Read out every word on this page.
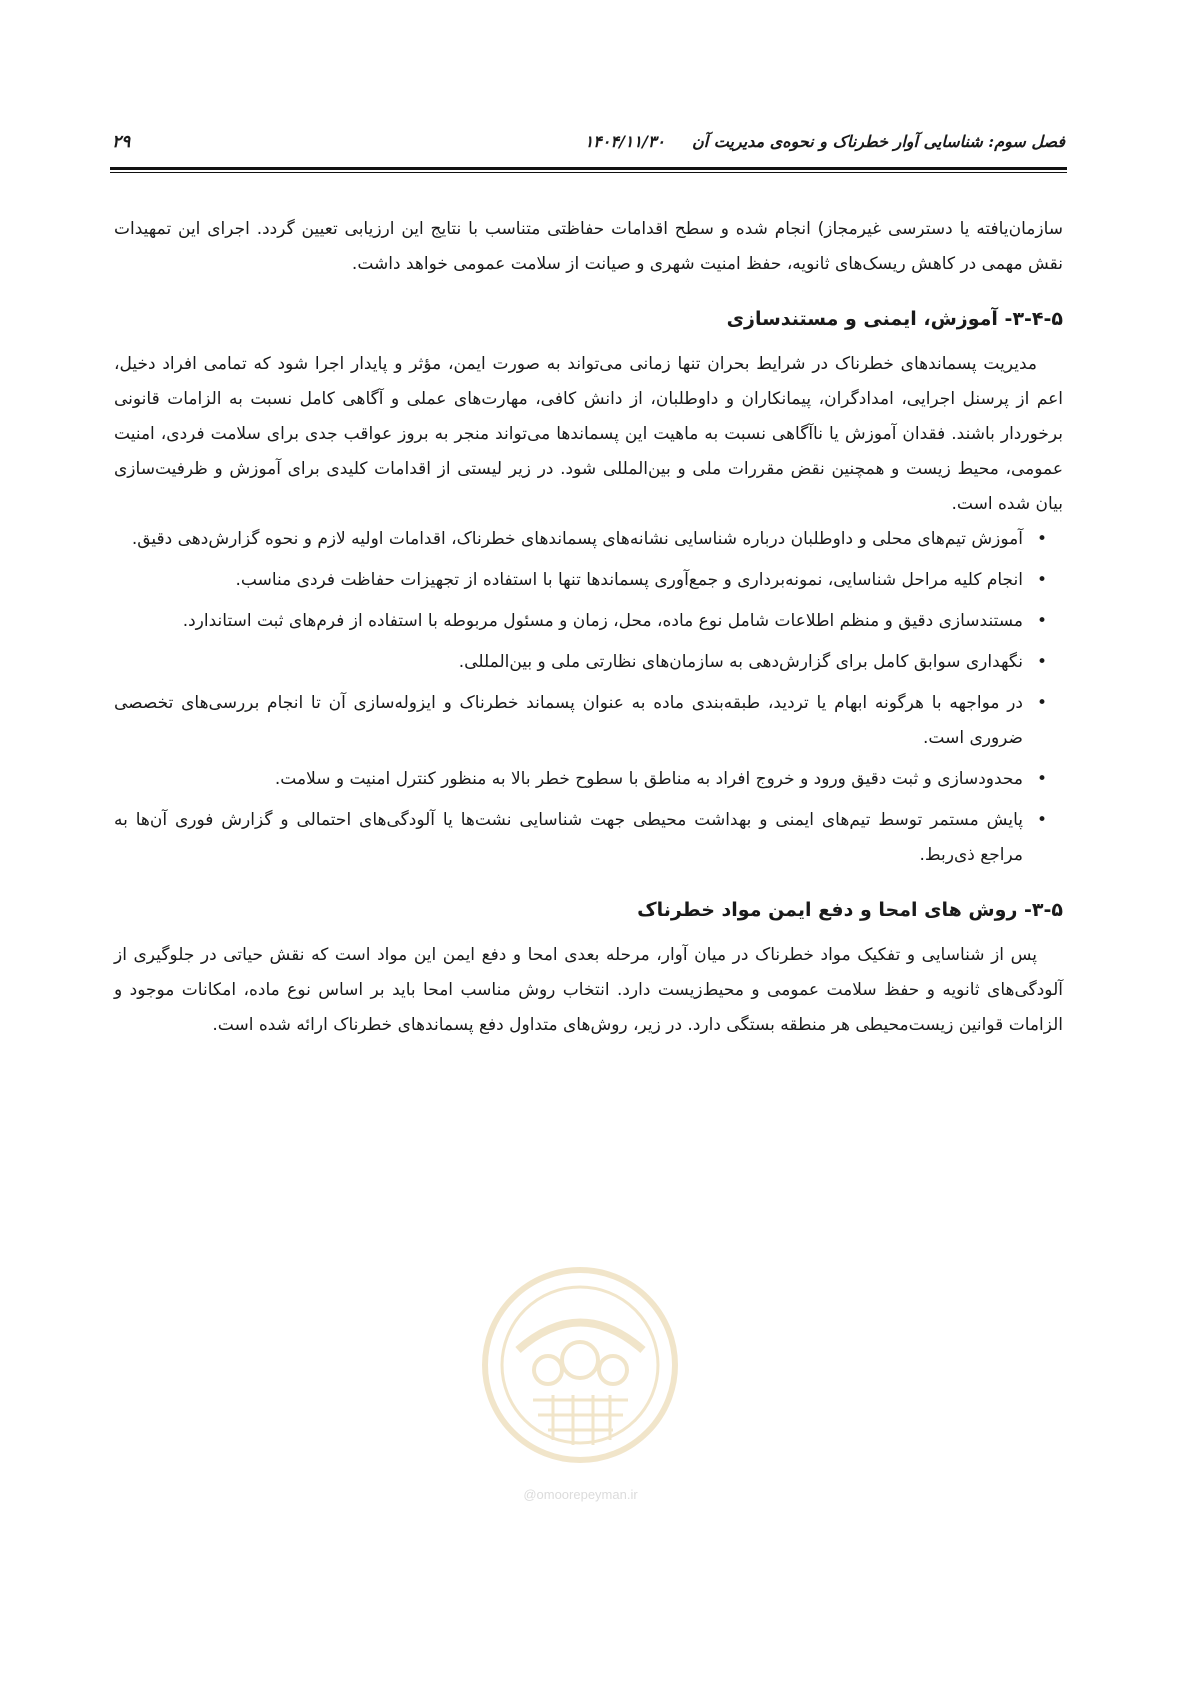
فصل سوم: شناسایی آوار خطرناک و نحوه‌ی مدیریت آن
۱۴۰۴/۱۱/۳۰
۲۹

سازمان‌یافته یا دسترسی غیرمجاز) انجام شده و سطح اقدامات حفاظتی متناسب با نتایج این ارزیابی تعیین گردد. اجرای این تمهیدات نقش مهمی در کاهش ریسک‌های ثانویه، حفظ امنیت شهری و صیانت از سلامت عمومی خواهد داشت.

۳-۴-۵- آموزش، ایمنی و مستندسازی

مدیریت پسماندهای خطرناک در شرایط بحران تنها زمانی می‌تواند به صورت ایمن، مؤثر و پایدار اجرا شود که تمامی افراد دخیل، اعم از پرسنل اجرایی، امدادگران، پیمانکاران و داوطلبان، از دانش کافی، مهارت‌های عملی و آگاهی کامل نسبت به الزامات قانونی برخوردار باشند. فقدان آموزش یا ناآگاهی نسبت به ماهیت این پسماندها می‌تواند منجر به بروز عواقب جدی برای سلامت فردی، امنیت عمومی، محیط زیست و همچنین نقض مقررات ملی و بین‌المللی شود. در زیر لیستی از اقدامات کلیدی برای آموزش و ظرفیت‌سازی بیان شده است.

• آموزش تیم‌های محلی و داوطلبان درباره شناسایی نشانه‌های پسماندهای خطرناک، اقدامات اولیه لازم و نحوه گزارش‌دهی دقیق.
• انجام کلیه مراحل شناسایی، نمونه‌برداری و جمع‌آوری پسماندها تنها با استفاده از تجهیزات حفاظت فردی مناسب.
• مستندسازی دقیق و منظم اطلاعات شامل نوع ماده، محل، زمان و مسئول مربوطه با استفاده از فرم‌های ثبت استاندارد.
• نگهداری سوابق کامل برای گزارش‌دهی به سازمان‌های نظارتی ملی و بین‌المللی.
• در مواجهه با هرگونه ابهام یا تردید، طبقه‌بندی ماده به عنوان پسماند خطرناک و ایزوله‌سازی آن تا انجام بررسی‌های تخصصی ضروری است.
• محدودسازی و ثبت دقیق ورود و خروج افراد به مناطق با سطوح خطر بالا به منظور کنترل امنیت و سلامت.
• پایش مستمر توسط تیم‌های ایمنی و بهداشت محیطی جهت شناسایی نشت‌ها یا آلودگی‌های احتمالی و گزارش فوری آن‌ها به مراجع ذی‌ربط.
۳-۵- روش های امحا و دفع ایمن مواد خطرناک

پس از شناسایی و تفکیک مواد خطرناک در میان آوار، مرحله بعدی امحا و دفع ایمن این مواد است که نقش حیاتی در جلوگیری از آلودگی‌های ثانویه و حفظ سلامت عمومی و محیط‌زیست دارد. انتخاب روش مناسب امحا باید بر اساس نوع ماده، امکانات موجود و الزامات قوانین زیست‌محیطی هر منطقه بستگی دارد. در زیر، روش‌های متداول دفع پسماندهای خطرناک ارائه شده است.

@omoorepeyman.ir
